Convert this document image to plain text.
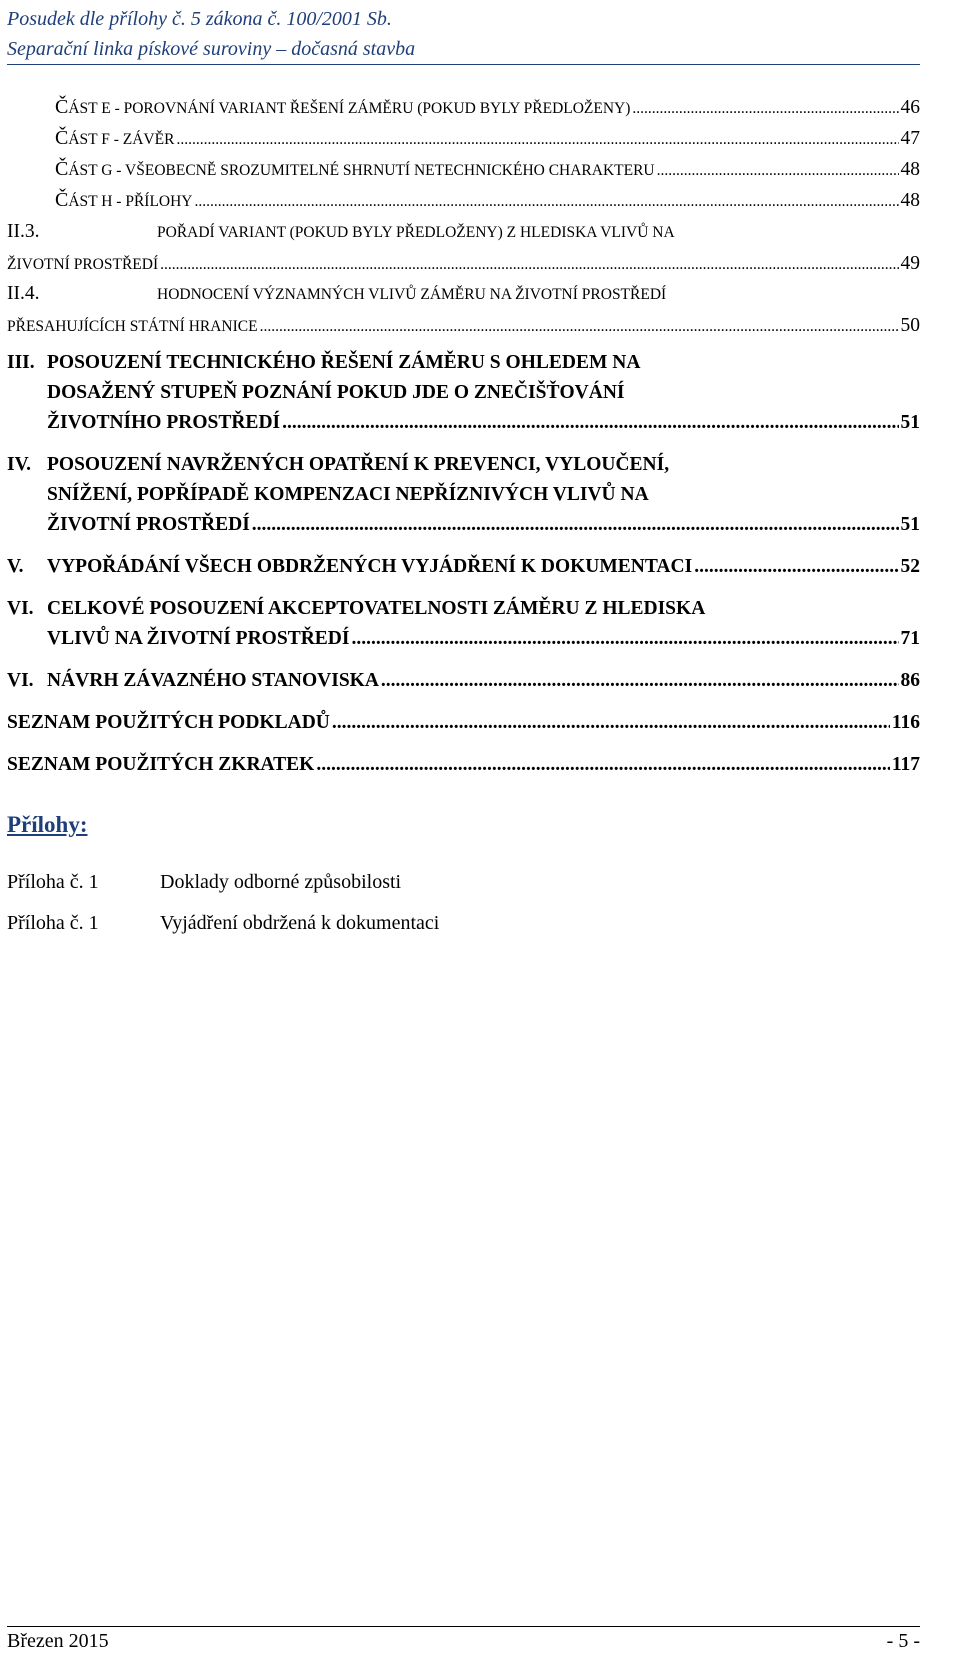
Posudek dle přílohy č. 5 zákona č. 100/2001 Sb.
Separační linka pískové suroviny – dočasná stavba
ČÁST E - POROVNÁNÍ VARIANT ŘEŠENÍ ZÁMĚRU (POKUD BYLY PŘEDLOŽENY) .....	46
ČÁST F - ZÁVĚR .....	47
ČÁST G - VŠEOBECNĚ SROZUMITELNÉ SHRNUTÍ NETECHNICKÉHO CHARAKTERU .....	48
ČÁST H - PŘÍLOHY .....	48
II.3.	POŘADÍ VARIANT (POKUD BYLY PŘEDLOŽENY) Z HLEDISKA VLIVŮ NA
ŽIVOTNÍ PROSTŘEDÍ .....	49
II.4.	HODNOCENÍ VÝZNAMNÝCH VLIVŮ ZÁMĚRU NA ŽIVOTNÍ PROSTŘEDÍ
PŘESAHUJÍCÍCH STÁTNÍ HRANICE .....	50
III. POSOUZENÍ TECHNICKÉHO ŘEŠENÍ ZÁMĚRU S OHLEDEM NA
DOSAŽENÝ STUPEŇ POZNÁNÍ POKUD JDE O ZNEČIŠŤOVÁNÍ
ŽIVOTNÍHO PROSTŘEDÍ .....	51
IV. POSOUZENÍ NAVRŽENÝCH OPATŘENÍ K PREVENCI, VYLOUČENÍ,
SNÍŽENÍ, POPŘÍPADĚ KOMPENZACI NEPŘÍZNIVÝCH VLIVŮ NA
ŽIVOTNÍ PROSTŘEDÍ .....	51
V. VYPOŘÁDÁNÍ VŠECH OBDRŽENÝCH VYJÁDŘENÍ K DOKUMENTACI .....	52
VI. CELKOVÉ POSOUZENÍ AKCEPTOVATELNOSTI ZÁMĚRU Z HLEDISKA
VLIVŮ NA ŽIVOTNÍ PROSTŘEDÍ .....	71
VI. NÁVRH ZÁVAZNÉHO STANOVISKA .....	86
SEZNAM POUŽITÝCH PODKLADŮ .....	116
SEZNAM POUŽITÝCH ZKRATEK .....	117
Přílohy:
Příloha č. 1	Doklady odborné způsobilosti
Příloha č. 1	Vyjádření obdržená k dokumentaci
Březen 2015	- 5 -
